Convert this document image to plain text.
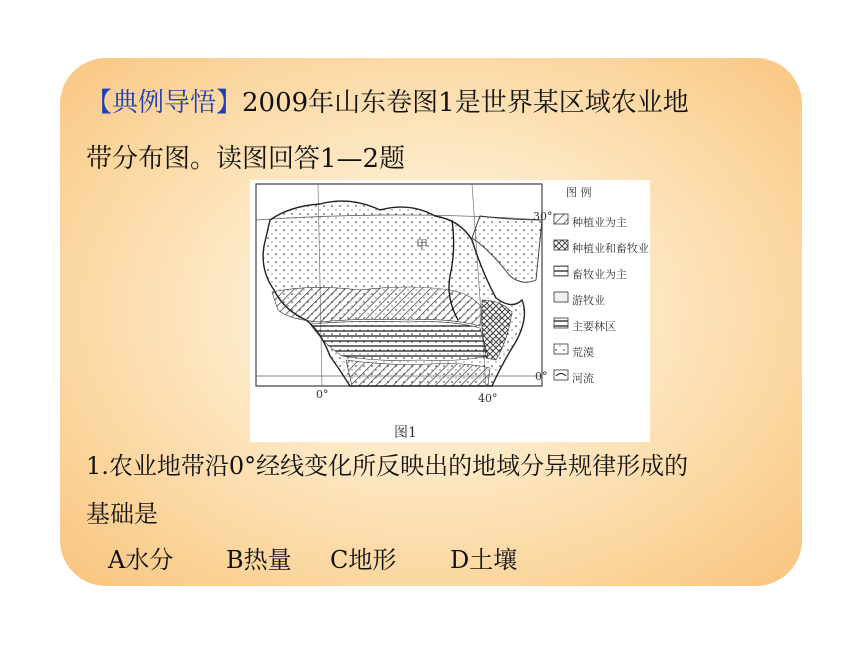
【典例导悟】2009年山东卷图1是世界某区域农业地
带分布图。读图回答1—2题
图 例
种植业为主
种植业和畜牧业
畜牧业为主
游牧业
主要林区
荒漠
河流
30°
0°
0°	40°
甲
图1
1.农业地带沿0°经线变化所反映出的地域分异规律形成的
基础是
A水分 B热量 C地形 D土壤
